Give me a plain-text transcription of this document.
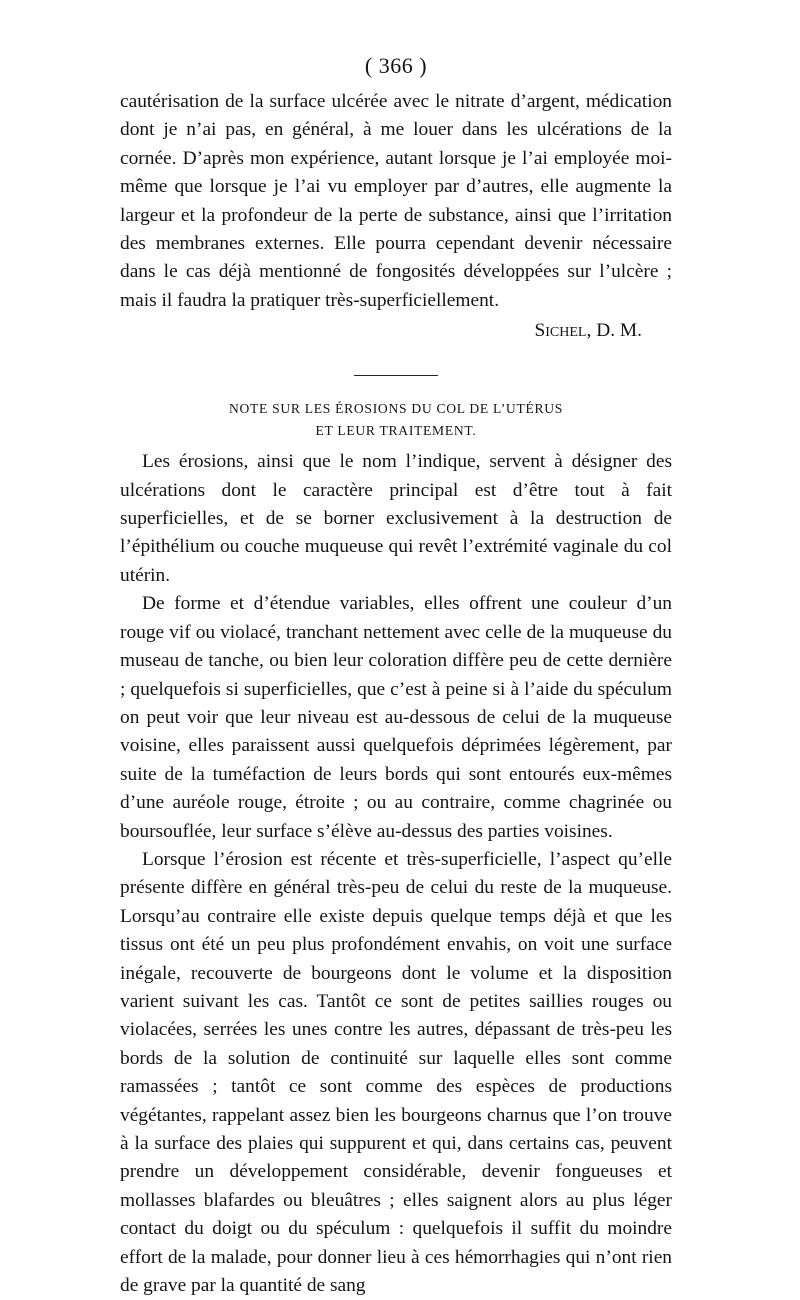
( 366 )

cautérisation de la surface ulcérée avec le nitrate d’argent, médication dont je n’ai pas, en général, à me louer dans les ulcérations de la cornée. D’après mon expérience, autant lorsque je l’ai employée moi-même que lorsque je l’ai vu employer par d’autres, elle augmente la largeur et la profondeur de la perte de substance, ainsi que l’irritation des membranes externes. Elle pourra cependant devenir nécessaire dans le cas déjà mentionné de fongosités développées sur l’ulcère ; mais il faudra la pratiquer très-superficiellement.

Sichel, D. M.
NOTE SUR LES ÉROSIONS DU COL DE L’UTÉRUS
ET LEUR TRAITEMENT.

Les érosions, ainsi que le nom l’indique, servent à désigner des ulcérations dont le caractère principal est d’être tout à fait superficielles, et de se borner exclusivement à la destruction de l’épithélium ou couche muqueuse qui revêt l’extrémité vaginale du col utérin.

De forme et d’étendue variables, elles offrent une couleur d’un rouge vif ou violacé, tranchant nettement avec celle de la muqueuse du museau de tanche, ou bien leur coloration diffère peu de cette dernière ; quelquefois si superficielles, que c’est à peine si à l’aide du spéculum on peut voir que leur niveau est au-dessous de celui de la muqueuse voisine, elles paraissent aussi quelquefois déprimées légèrement, par suite de la tuméfaction de leurs bords qui sont entourés eux-mêmes d’une auréole rouge, étroite ; ou au contraire, comme chagrinée ou boursouflée, leur surface s’élève au-dessus des parties voisines.

Lorsque l’érosion est récente et très-superficielle, l’aspect qu’elle présente diffère en général très-peu de celui du reste de la muqueuse. Lorsqu’au contraire elle existe depuis quelque temps déjà et que les tissus ont été un peu plus profondément envahis, on voit une surface inégale, recouverte de bourgeons dont le volume et la disposition varient suivant les cas. Tantôt ce sont de petites saillies rouges ou violacées, serrées les unes contre les autres, dépassant de très-peu les bords de la solution de continuité sur laquelle elles sont comme ramassées ; tantôt ce sont comme des espèces de productions végétantes, rappelant assez bien les bourgeons charnus que l’on trouve à la surface des plaies qui suppurent et qui, dans certains cas, peuvent prendre un développement considérable, devenir fongueuses et mollasses blafardes ou bleuâtres ; elles saignent alors au plus léger contact du doigt ou du spéculum : quelquefois il suffit du moindre effort de la malade, pour donner lieu à ces hémorrhagies qui n’ont rien de grave par la quantité de sang
